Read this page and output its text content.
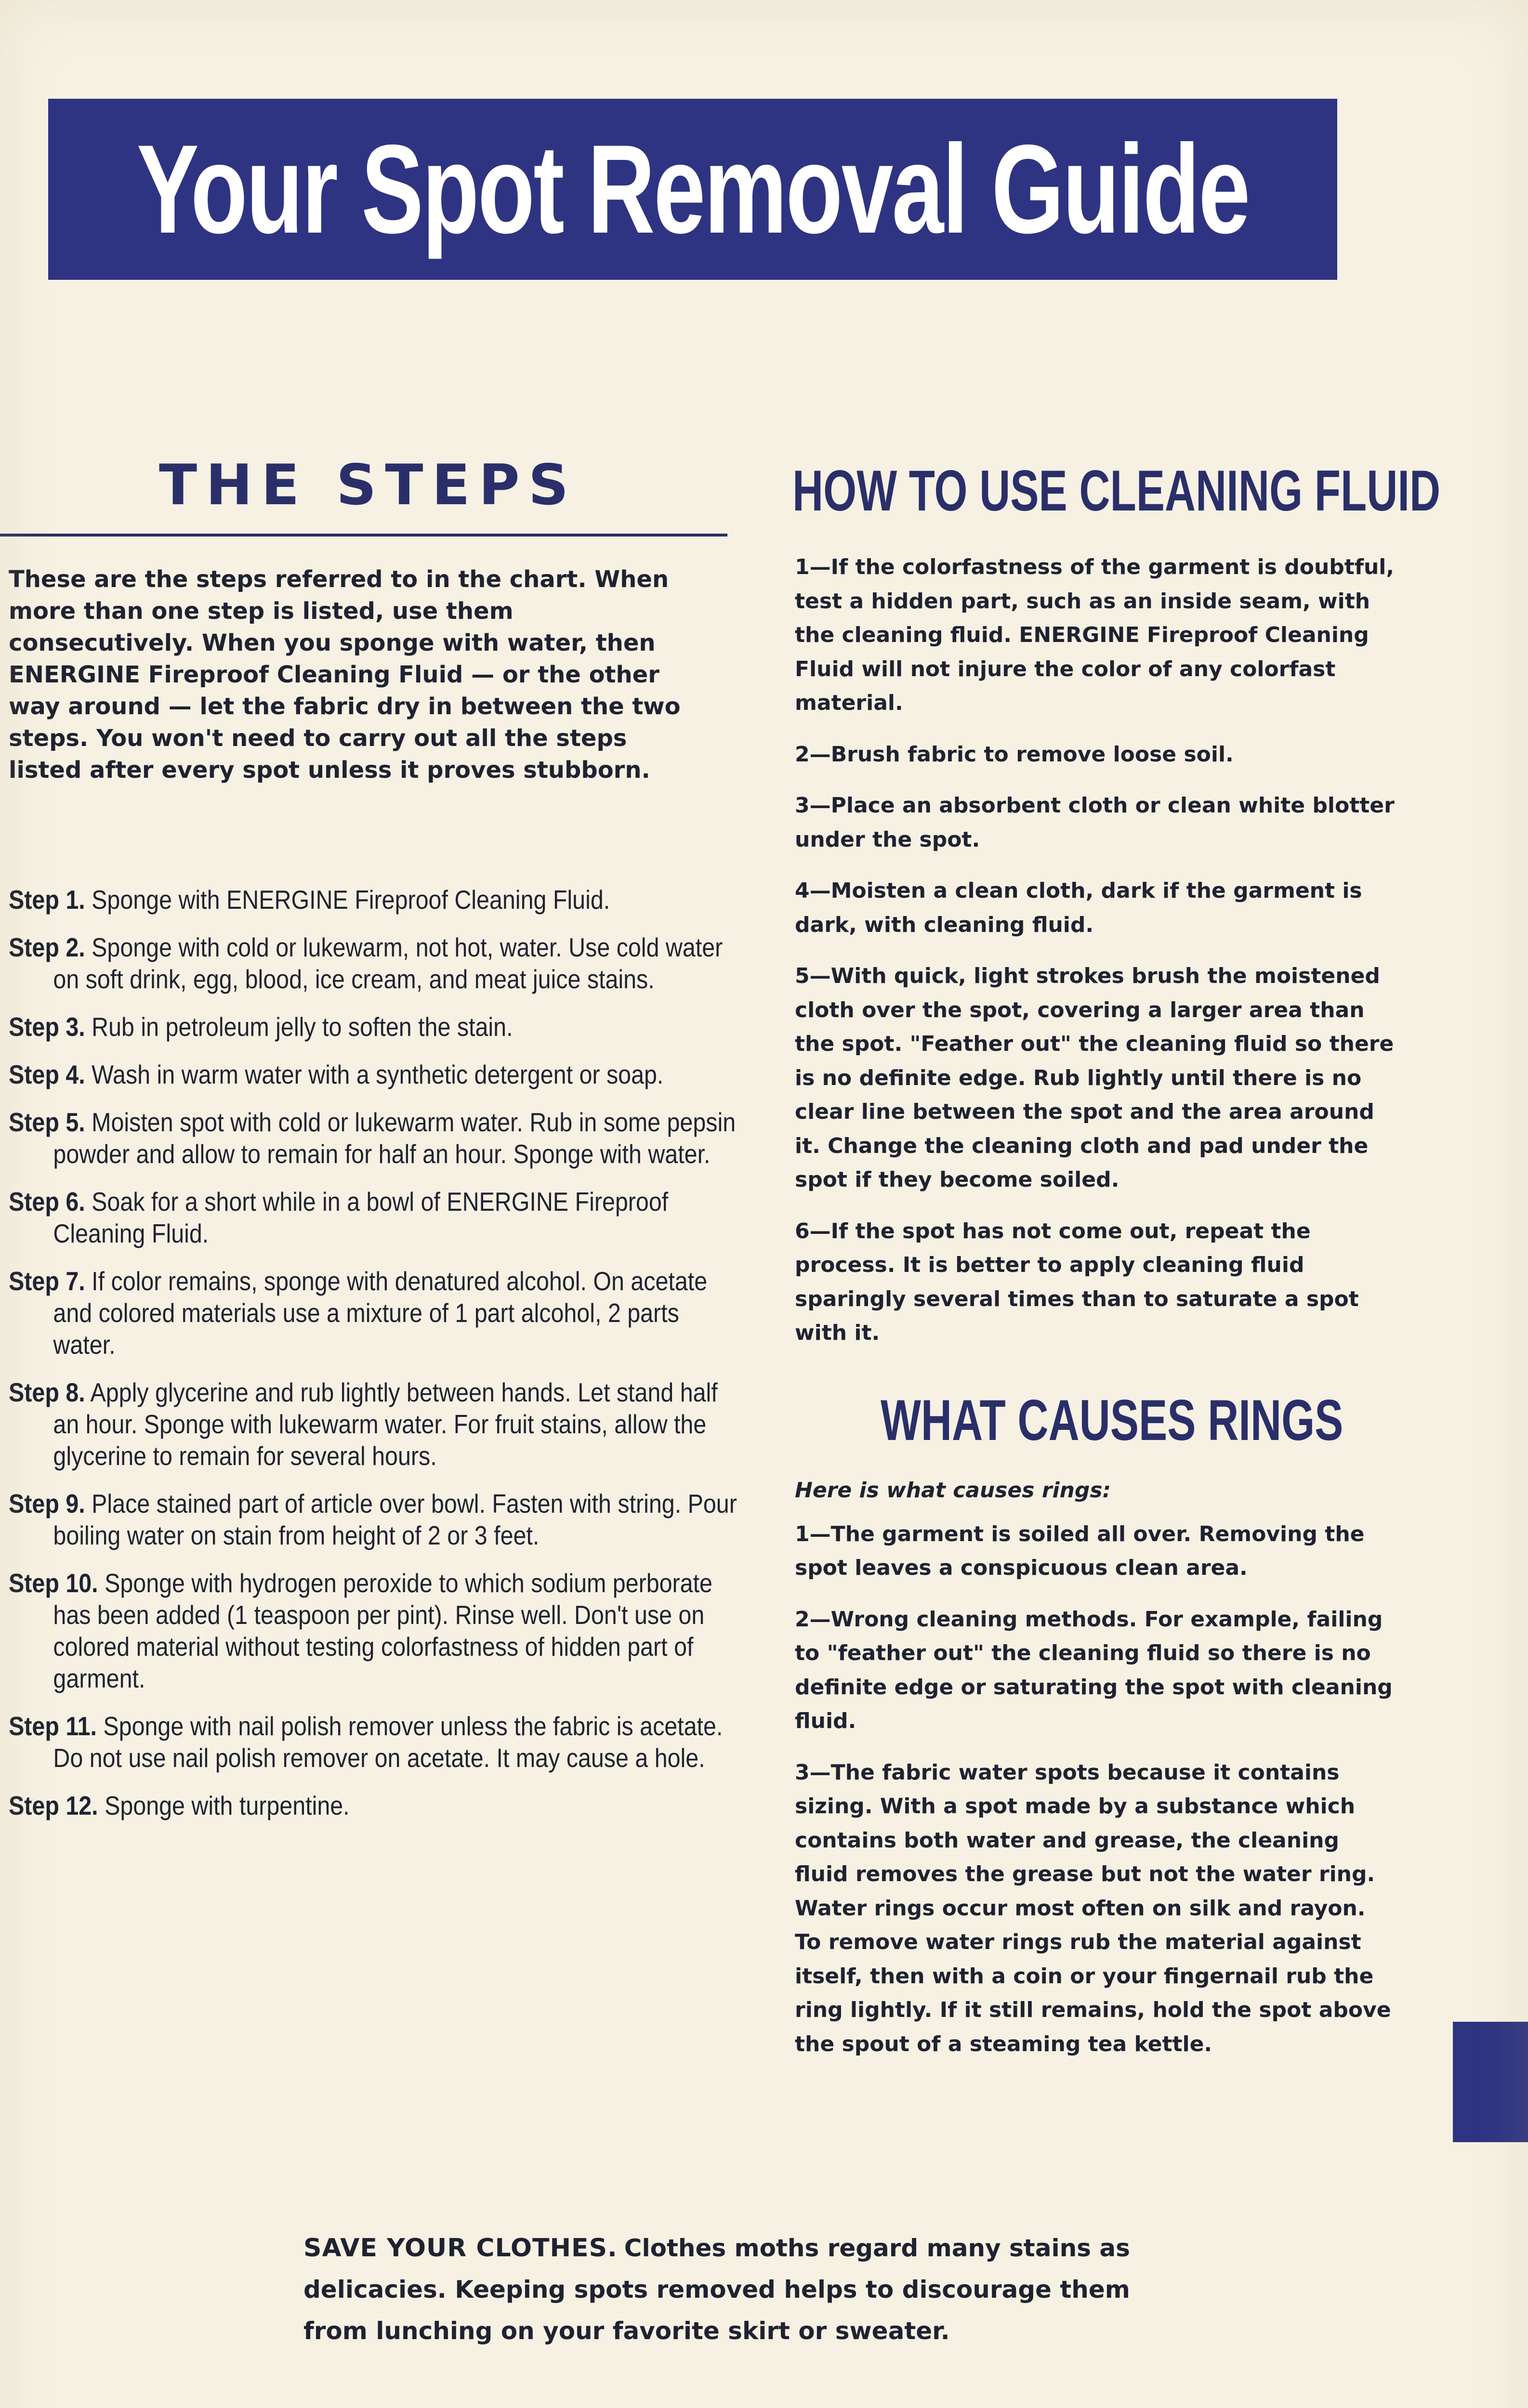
Your Spot Removal Guide
THE STEPS
These are the steps referred to in the chart. When more than one step is listed, use them consecutively. When you sponge with water, then ENERGINE Fireproof Cleaning Fluid — or the other way around — let the fabric dry in between the two steps. You won't need to carry out all the steps listed after every spot unless it proves stubborn.
Step 1. Sponge with ENERGINE Fireproof Cleaning Fluid.
Step 2. Sponge with cold or lukewarm, not hot, water. Use cold water on soft drink, egg, blood, ice cream, and meat juice stains.
Step 3. Rub in petroleum jelly to soften the stain.
Step 4. Wash in warm water with a synthetic detergent or soap.
Step 5. Moisten spot with cold or lukewarm water. Rub in some pepsin powder and allow to remain for half an hour. Sponge with water.
Step 6. Soak for a short while in a bowl of ENERGINE Fireproof Cleaning Fluid.
Step 7. If color remains, sponge with denatured alcohol. On acetate and colored materials use a mixture of 1 part alcohol, 2 parts water.
Step 8. Apply glycerine and rub lightly between hands. Let stand half an hour. Sponge with lukewarm water. For fruit stains, allow the glycerine to remain for several hours.
Step 9. Place stained part of article over bowl. Fasten with string. Pour boiling water on stain from height of 2 or 3 feet.
Step 10. Sponge with hydrogen peroxide to which sodium perborate has been added (1 teaspoon per pint). Rinse well. Don't use on colored material without testing colorfastness of hidden part of garment.
Step 11. Sponge with nail polish remover unless the fabric is acetate. Do not use nail polish remover on acetate. It may cause a hole.
Step 12. Sponge with turpentine.
HOW TO USE CLEANING FLUID

1—If the colorfastness of the garment is doubtful, test a hidden part, such as an inside seam, with the cleaning fluid. ENERGINE Fireproof Cleaning Fluid will not injure the color of any colorfast material.

2—Brush fabric to remove loose soil.

3—Place an absorbent cloth or clean white blotter under the spot.

4—Moisten a clean cloth, dark if the garment is dark, with cleaning fluid.

5—With quick, light strokes brush the moistened cloth over the spot, covering a larger area than the spot. "Feather out" the cleaning fluid so there is no definite edge. Rub lightly until there is no clear line between the spot and the area around it. Change the cleaning cloth and pad under the spot if they become soiled.

6—If the spot has not come out, repeat the process. It is better to apply cleaning fluid sparingly several times than to saturate a spot with it.

WHAT CAUSES RINGS

Here is what causes rings:

1—The garment is soiled all over. Removing the spot leaves a conspicuous clean area.

2—Wrong cleaning methods. For example, failing to "feather out" the cleaning fluid so there is no definite edge or saturating the spot with cleaning fluid.

3—The fabric water spots because it contains sizing. With a spot made by a substance which contains both water and grease, the cleaning fluid removes the grease but not the water ring. Water rings occur most often on silk and rayon. To remove water rings rub the material against itself, then with a coin or your fingernail rub the ring lightly. If it still remains, hold the spot above the spout of a steaming tea kettle.

SAVE YOUR CLOTHES. Clothes moths regard many stains as delicacies. Keeping spots removed helps to discourage them from lunching on your favorite skirt or sweater.
